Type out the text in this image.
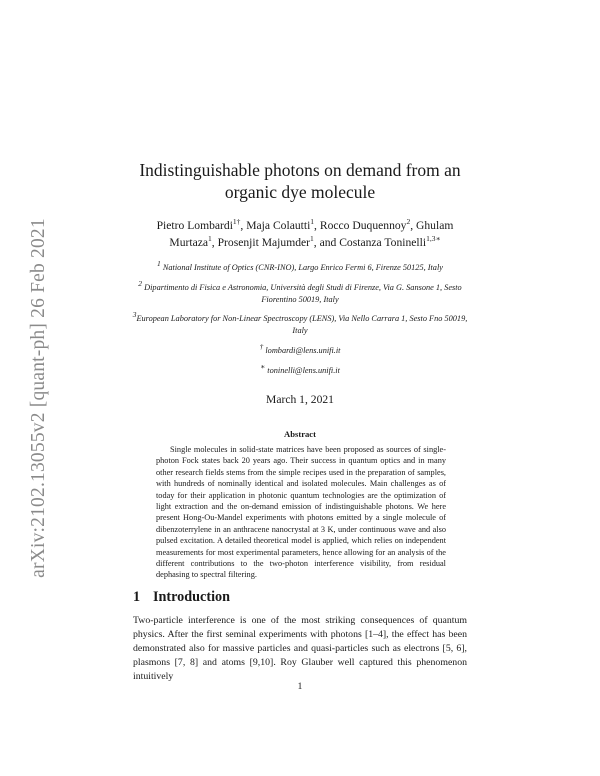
arXiv:2102.13055v2 [quant-ph] 26 Feb 2021
Indistinguishable photons on demand from an organic dye molecule
Pietro Lombardi$^{1\dagger}$, Maja Colautti$^1$, Rocco Duquennoy$^2$, Ghulam Murtaza$^1$, Prosenjit Majumder$^1$, and Costanza Toninelli$^{1,3∗}$
$^1$ National Institute of Optics (CNR-INO), Largo Enrico Fermi 6, Firenze 50125, Italy
$^2$ Dipartimento di Fisica e Astronomia, Università degli Studi di Firenze, Via G. Sansone 1, Sesto Fiorentino 50019, Italy
$^3$European Laboratory for Non-Linear Spectroscopy (LENS), Via Nello Carrara 1, Sesto Fno 50019, Italy
† lombardi@lens.unifi.it
∗ toninelli@lens.unifi.it
March 1, 2021
Abstract

Single molecules in solid-state matrices have been proposed as sources of single-photon Fock states back 20 years ago. Their success in quantum optics and in many other research fields stems from the simple recipes used in the preparation of samples, with hundreds of nominally identical and isolated molecules. Main challenges as of today for their application in photonic quantum technologies are the optimization of light extraction and the on-demand emission of indistinguishable photons. We here present Hong-Ou-Mandel experiments with photons emitted by a single molecule of dibenzoterrylene in an anthracene nanocrystal at 3 K, under continuous wave and also pulsed excitation. A detailed theoretical model is applied, which relies on independent measurements for most experimental parameters, hence allowing for an analysis of the different contributions to the two-photon interference visibility, from residual dephasing to spectral filtering.

1 Introduction

Two-particle interference is one of the most striking consequences of quantum physics. After the first seminal experiments with photons [1–4], the effect has been demonstrated also for massive particles and quasi-particles such as electrons [5, 6], plasmons [7, 8] and atoms [9,10]. Roy Glauber well captured this phenomenon intuitively

1
